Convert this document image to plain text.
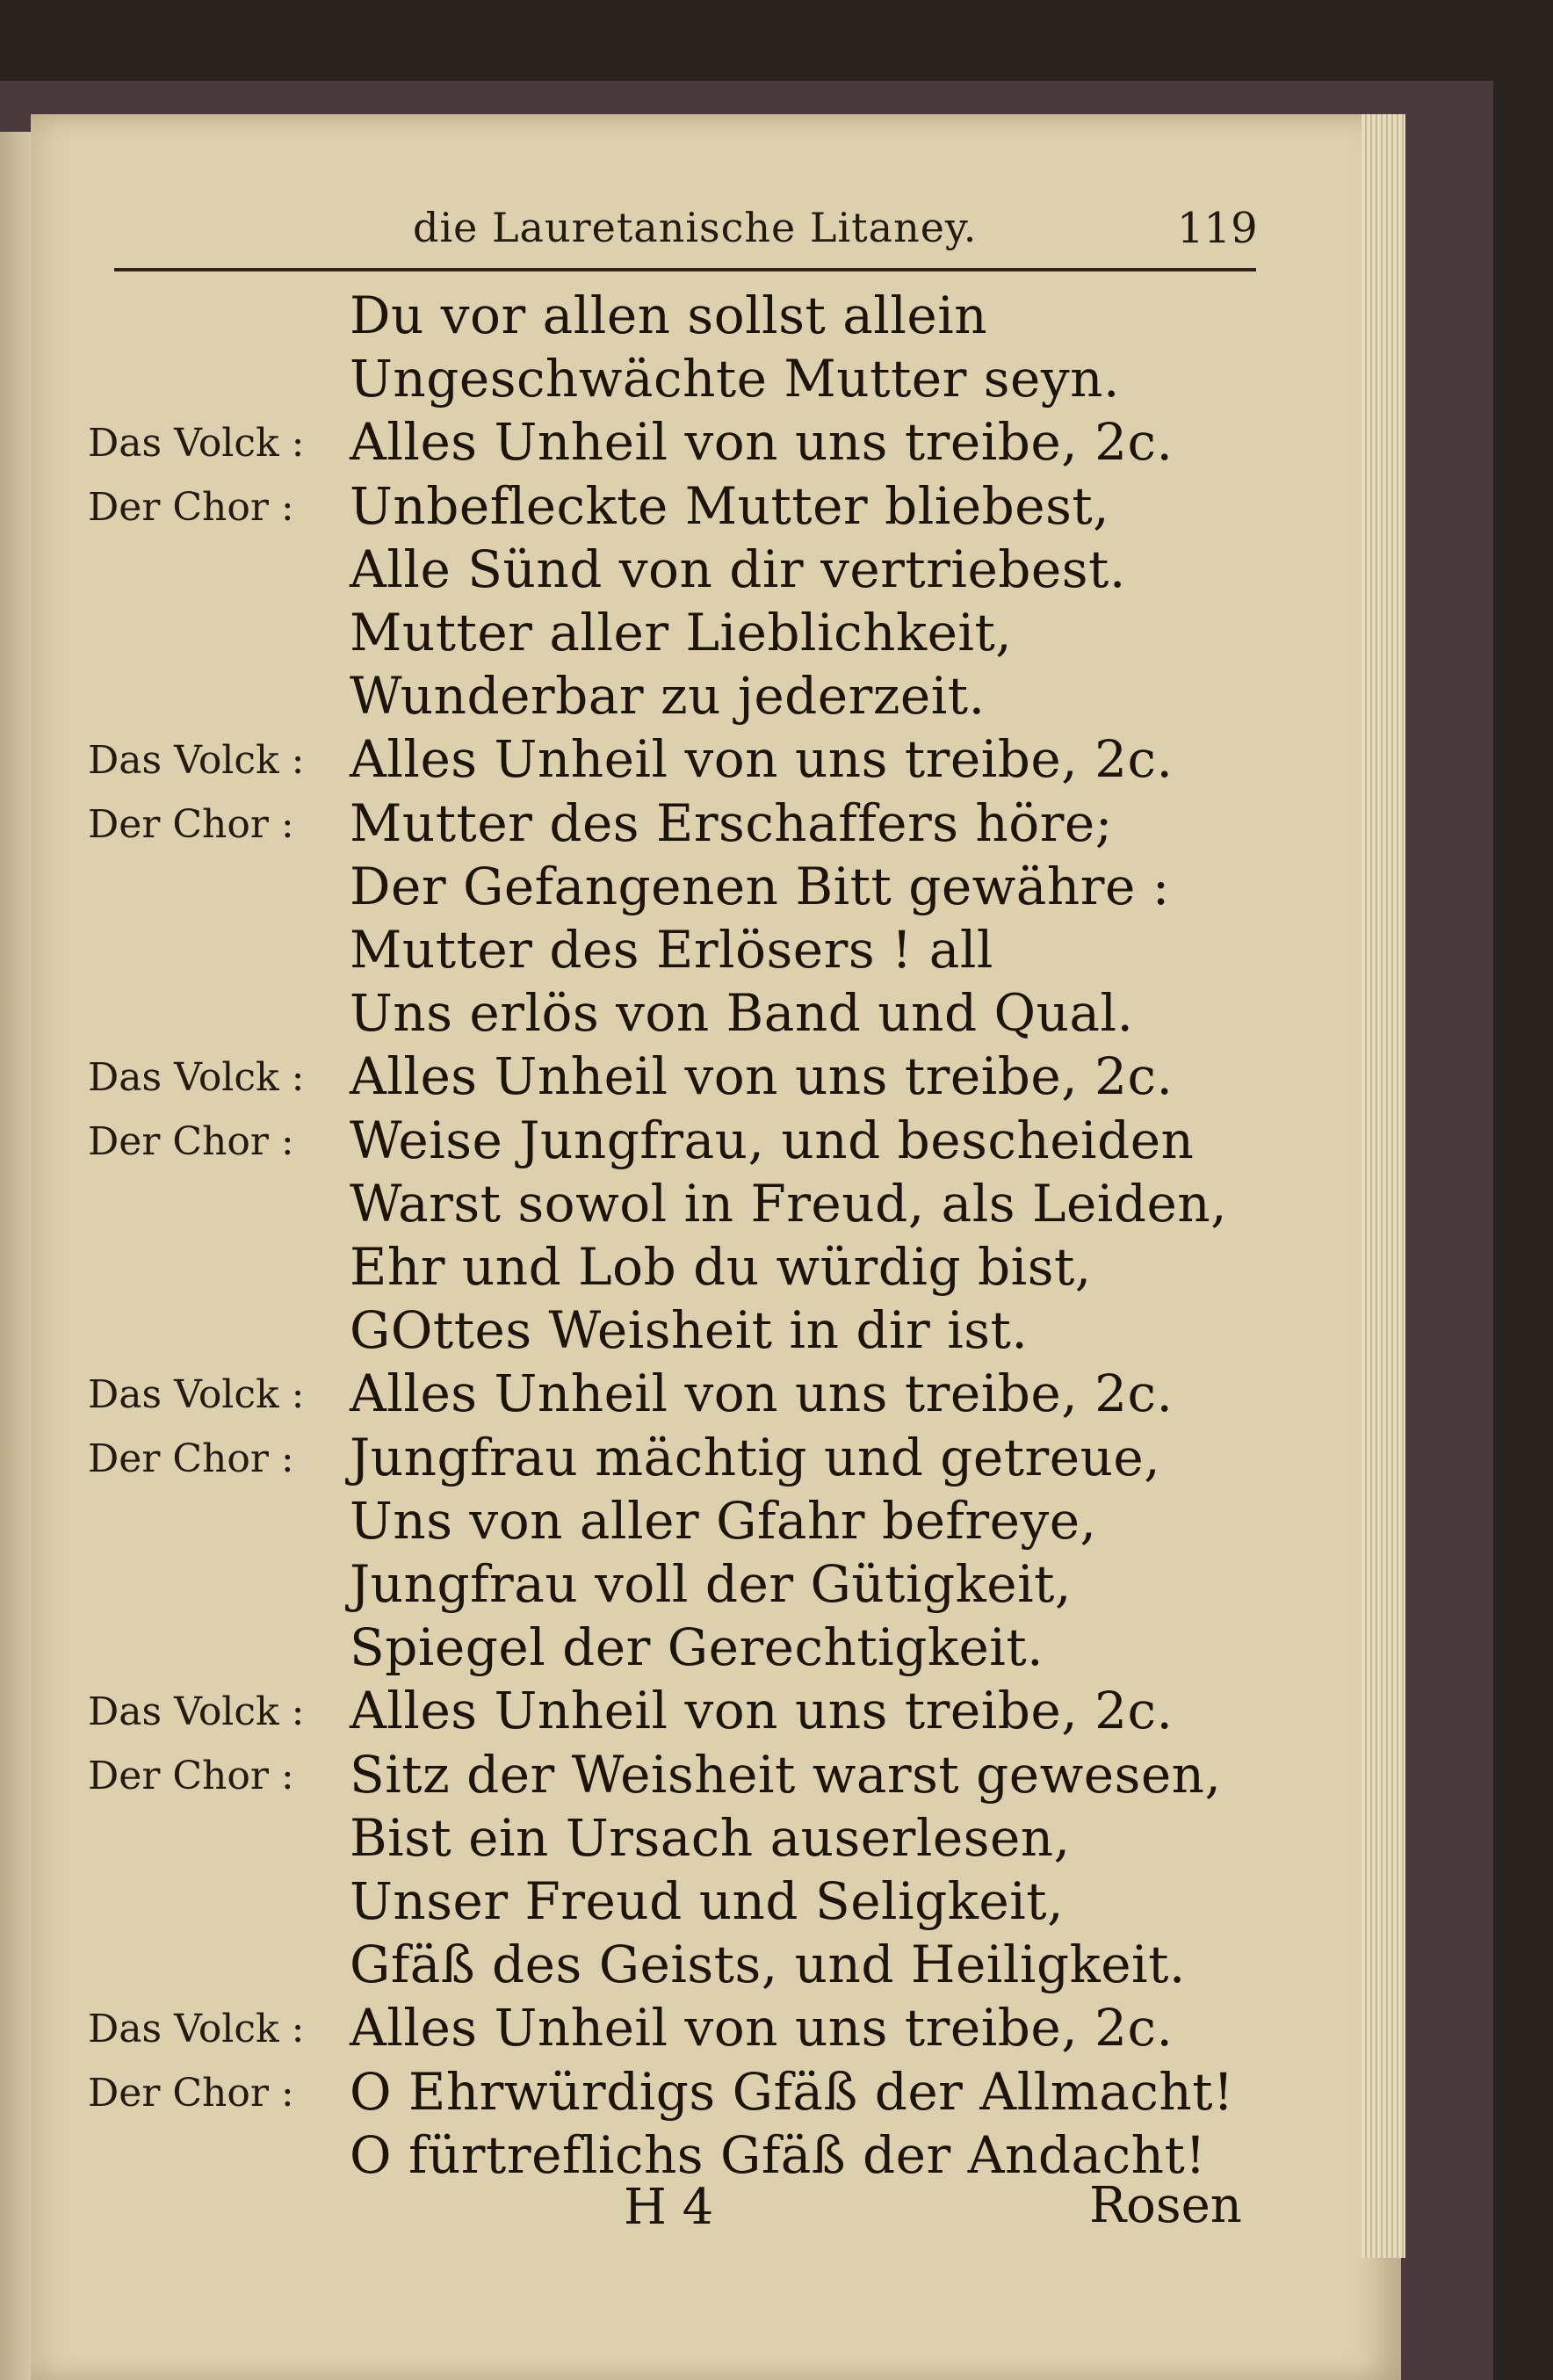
die Lauretanische Litaney.	119
Du vor allen sollst allein
Ungeschwächte Mutter seyn.
Das Volck : Alles Unheil von uns treibe, 2c.
Der Chor :	Unbefleckte Mutter bliebest,
Alle Sünd von dir vertriebest.
Mutter aller Lieblichkeit,
Wunderbar zu jederzeit.
Das Volck : Alles Unheil von uns treibe, 2c.
Der Chor :	Mutter des Erschaffers höre;
Der Gefangenen Bitt gewähre :
Mutter des Erlösers ! all
Uns erlös von Band und Qual.
Das Volck : Alles Unheil von uns treibe, 2c.
Der Chor :	Weise Jungfrau, und bescheiden
Warst sowol in Freud, als Leiden,
Ehr und Lob du würdig bist,
GOttes Weisheit in dir ist.
Das Volck : Alles Unheil von uns treibe, 2c.
Der Chor :	Jungfrau mächtig und getreue,
Uns von aller Gfahr befreye,
Jungfrau voll der Gütigkeit,
Spiegel der Gerechtigkeit.
Das Volck : Alles Unheil von uns treibe, 2c.
Der Chor :	Sitz der Weisheit warst gewesen,
Bist ein Ursach auserlesen,
Unser Freud und Seligkeit,
Gfäß des Geists, und Heiligkeit.
Das Volck : Alles Unheil von uns treibe, 2c.
Der Chor :	O Ehrwürdigs Gfäß der Allmacht!
O fürtreflichs Gfäß der Andacht!
H 4	Rosen
